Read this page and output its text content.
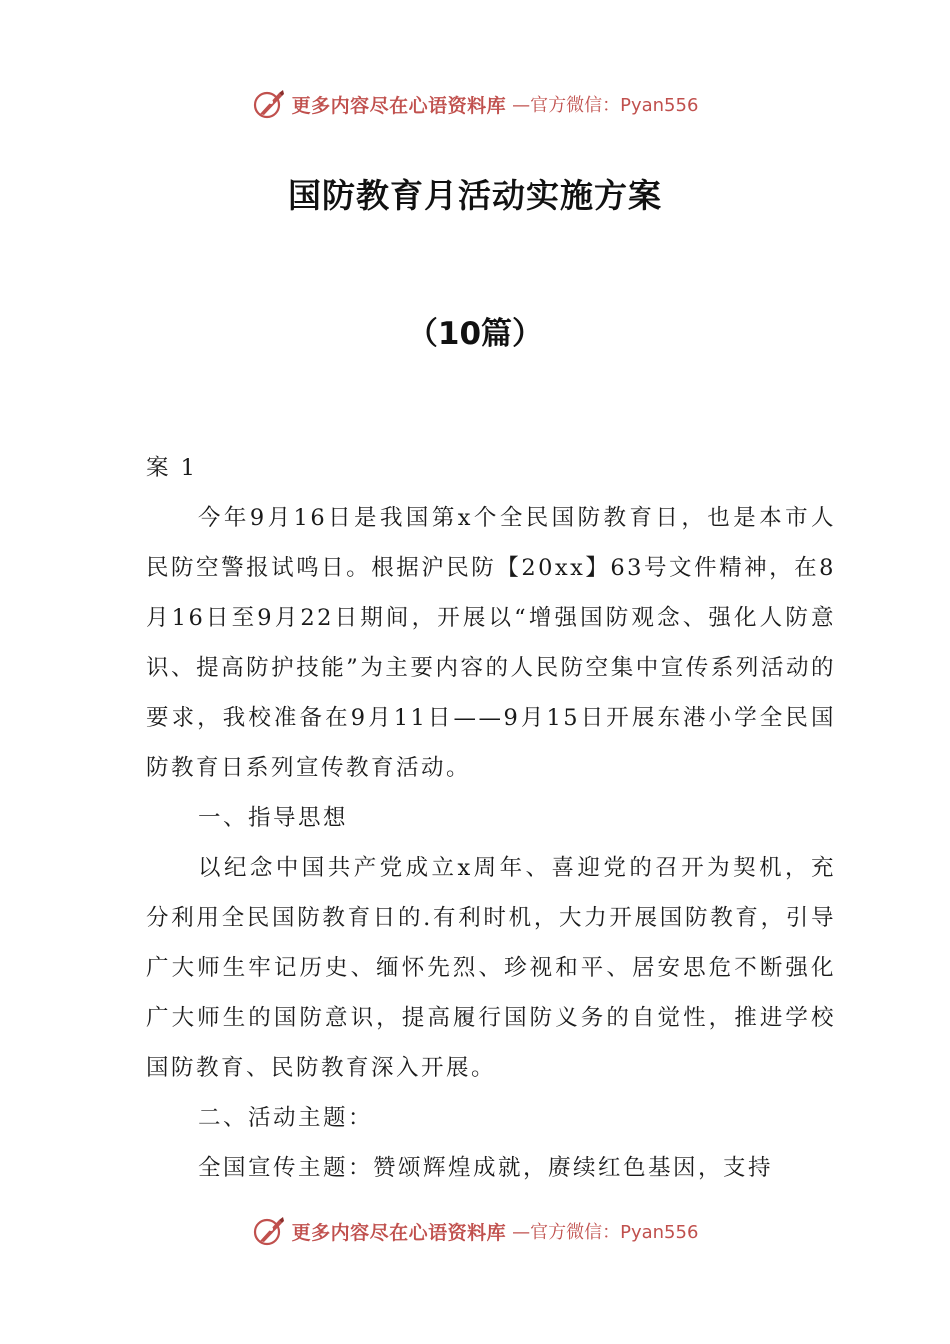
更多内容尽在心语资料库 —官方微信：Pyan556
国防教育月活动实施方案
（10篇）

案 1

今年9月16日是我国第x个全民国防教育日，也是本市人民防空警报试鸣日。根据沪民防【20xx】63号文件精神，在8月16日至9月22日期间，开展以“增强国防观念、强化人防意识、提高防护技能”为主要内容的人民防空集中宣传系列活动的要求，我校准备在9月11日——9月15日开展东港小学全民国防教育日系列宣传教育活动。

一、指导思想

以纪念中国共产党成立x周年、喜迎党的召开为契机，充分利用全民国防教育日的.有利时机，大力开展国防教育，引导广大师生牢记历史、缅怀先烈、珍视和平、居安思危不断强化广大师生的国防意识，提高履行国防义务的自觉性，推进学校国防教育、民防教育深入开展。

二、活动主题：

全国宣传主题：赞颂辉煌成就，赓续红色基因，支持

更多内容尽在心语资料库 —官方微信：Pyan556
